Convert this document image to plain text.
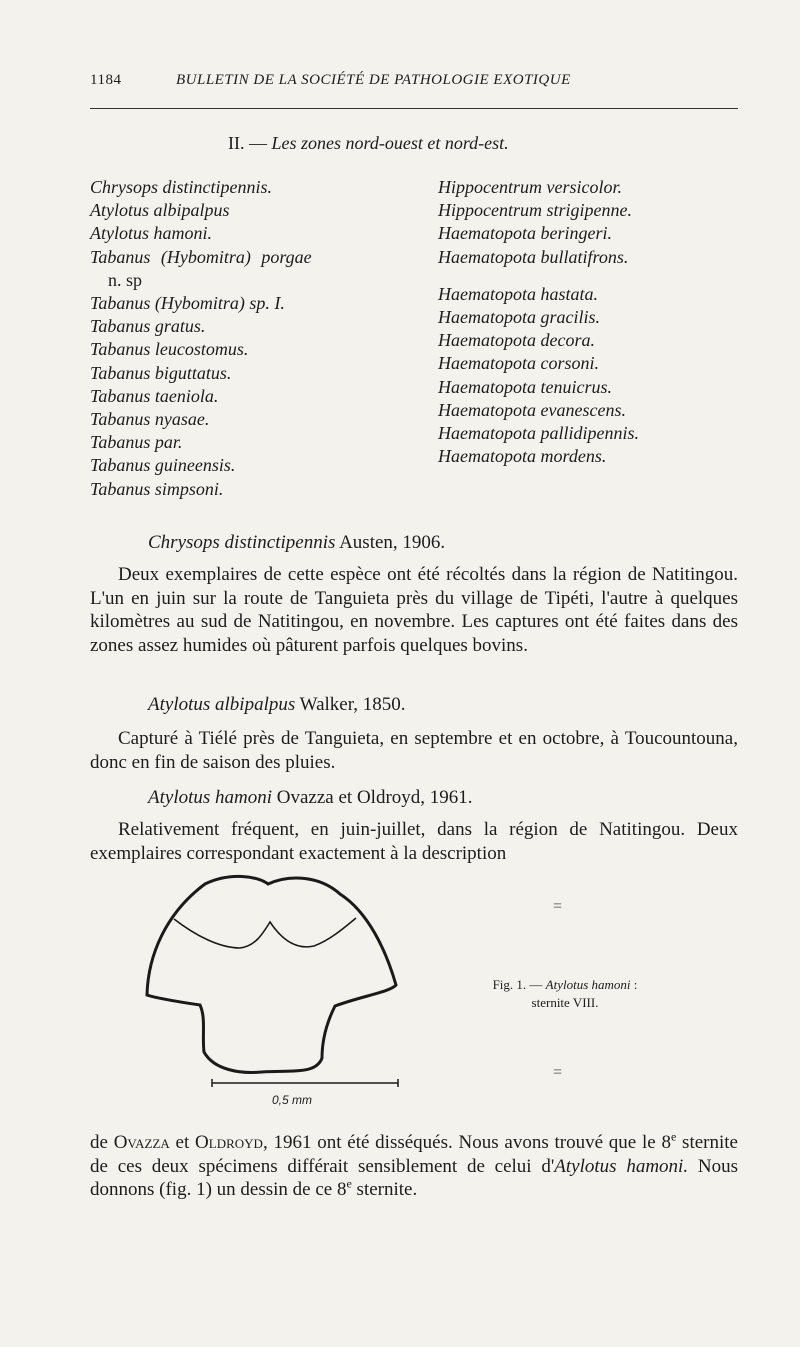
1184	BULLETIN DE LA SOCIÉTÉ DE PATHOLOGIE EXOTIQUE
II. — Les zones nord-ouest et nord-est.
Chrysops distinctipennis.
Atylotus albipalpus
Atylotus hamoni.
Tabanus (Hybomitra) porgae
n. sp
Tabanus (Hybomitra) sp. I.
Tabanus gratus.
Tabanus leucostomus.
Tabanus biguttatus.
Tabanus taeniola.
Tabanus nyasae.
Tabanus par.
Tabanus guineensis.
Tabanus simpsoni.
Hippocentrum versicolor.
Hippocentrum strigipenne.
Haematopota beringeri.
Haematopota bullatifrons.
Haematopota hastata.
Haematopota gracilis.
Haematopota decora.
Haematopota corsoni.
Haematopota tenuicrus.
Haematopota evanescens.
Haematopota pallidipennis.
Haematopota mordens.
Chrysops distinctipennis Austen, 1906.
Deux exemplaires de cette espèce ont été récoltés dans la région de Natitingou. L'un en juin sur la route de Tanguieta près du village de Tipéti, l'autre à quelques kilomètres au sud de Natitingou, en novembre. Les captures ont été faites dans des zones assez humides où pâturent parfois quelques bovins.
Atylotus albipalpus Walker, 1850.
Capturé à Tiélé près de Tanguieta, en septembre et en octobre, à Toucountouna, donc en fin de saison des pluies.
Atylotus hamoni Ovazza et Oldroyd, 1961.
Relativement fréquent, en juin-juillet, dans la région de Natitingou. Deux exemplaires correspondant exactement à la description
0,5 mm
Fig. 1. — Atylotus hamoni :
sternite VIII.
=
=
de Ovazza et Oldroyd, 1961 ont été disséqués. Nous avons trouvé que le 8e sternite de ces deux spécimens différait sensiblement de celui d'Atylotus hamoni. Nous donnons (fig. 1) un dessin de ce 8e sternite.
